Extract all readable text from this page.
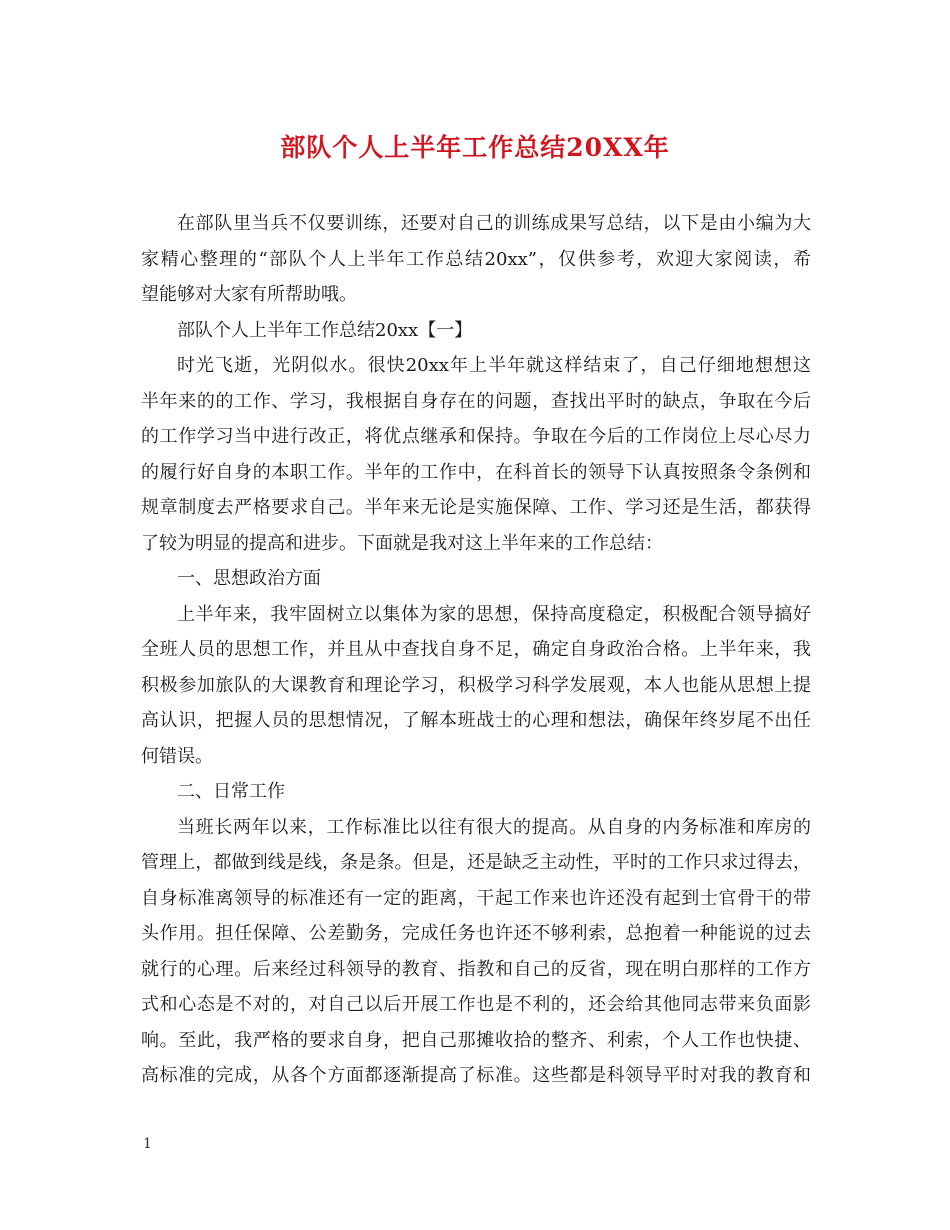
部队个人上半年工作总结20XX年
在部队里当兵不仅要训练，还要对自己的训练成果写总结，以下是由小编为大
家精心整理的“部队个人上半年工作总结20xx”，仅供参考，欢迎大家阅读，希
望能够对大家有所帮助哦。
部队个人上半年工作总结20xx【一】
时光飞逝，光阴似水。很快20xx年上半年就这样结束了，自己仔细地想想这
半年来的的工作、学习，我根据自身存在的问题，查找出平时的缺点，争取在今后
的工作学习当中进行改正，将优点继承和保持。争取在今后的工作岗位上尽心尽力
的履行好自身的本职工作。半年的工作中，在科首长的领导下认真按照条令条例和
规章制度去严格要求自己。半年来无论是实施保障、工作、学习还是生活，都获得
了较为明显的提高和进步。下面就是我对这上半年来的工作总结：
一、思想政治方面
上半年来，我牢固树立以集体为家的思想，保持高度稳定，积极配合领导搞好
全班人员的思想工作，并且从中查找自身不足，确定自身政治合格。上半年来，我
积极参加旅队的大课教育和理论学习，积极学习科学发展观，本人也能从思想上提
高认识，把握人员的思想情况，了解本班战士的心理和想法，确保年终岁尾不出任
何错误。
二、日常工作
当班长两年以来，工作标准比以往有很大的提高。从自身的内务标准和库房的
管理上，都做到线是线，条是条。但是，还是缺乏主动性，平时的工作只求过得去，
自身标准离领导的标准还有一定的距离，干起工作来也许还没有起到士官骨干的带
头作用。担任保障、公差勤务，完成任务也许还不够利索，总抱着一种能说的过去
就行的心理。后来经过科领导的教育、指教和自己的反省，现在明白那样的工作方
式和心态是不对的，对自己以后开展工作也是不利的，还会给其他同志带来负面影
响。至此，我严格的要求自身，把自己那摊收拾的整齐、利索，个人工作也快捷、
高标准的完成，从各个方面都逐渐提高了标准。这些都是科领导平时对我的教育和
1
